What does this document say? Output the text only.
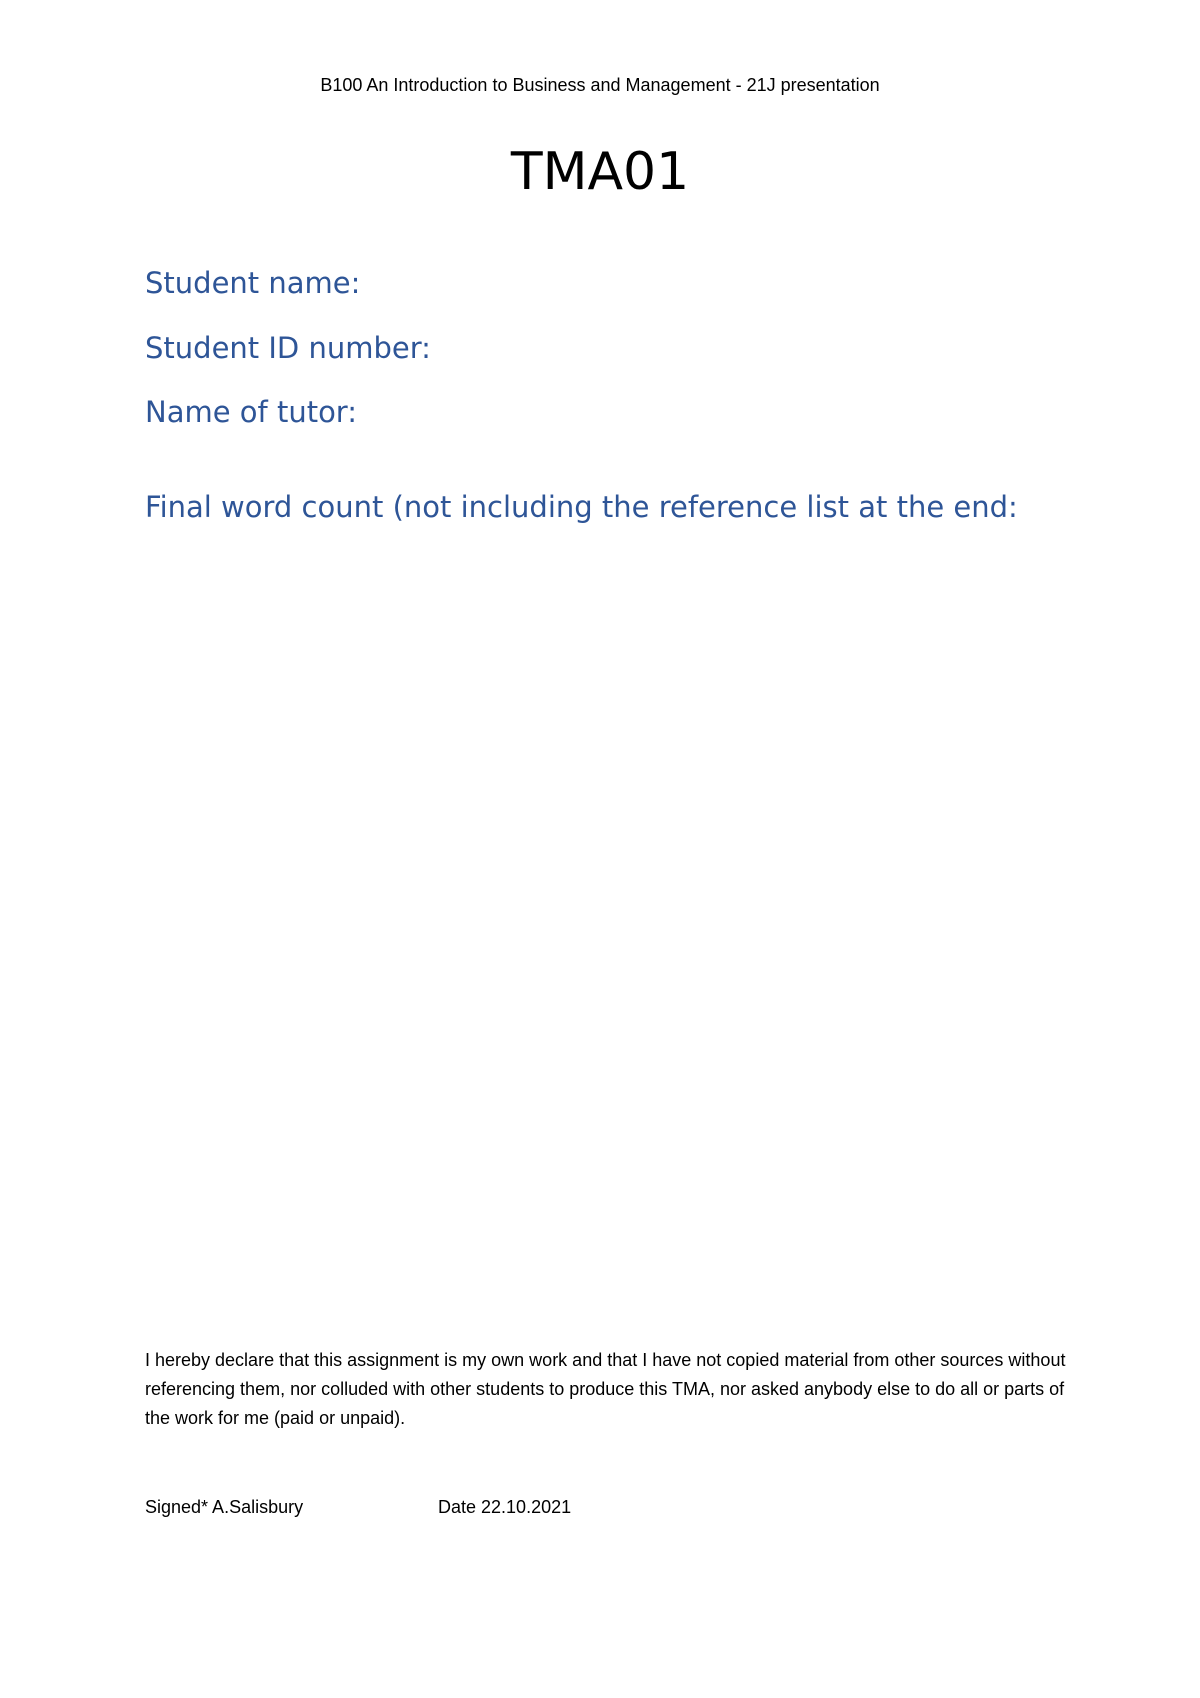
B100 An Introduction to Business and Management - 21J presentation
TMA01
Student name:
Student ID number:
Name of tutor:
Final word count (not including the reference list at the end:
I hereby declare that this assignment is my own work and that I have not copied material from other sources without referencing them, nor colluded with other students to produce this TMA, nor asked anybody else to do all or parts of the work for me (paid or unpaid).
Signed* A.Salisbury	Date 22.10.2021
